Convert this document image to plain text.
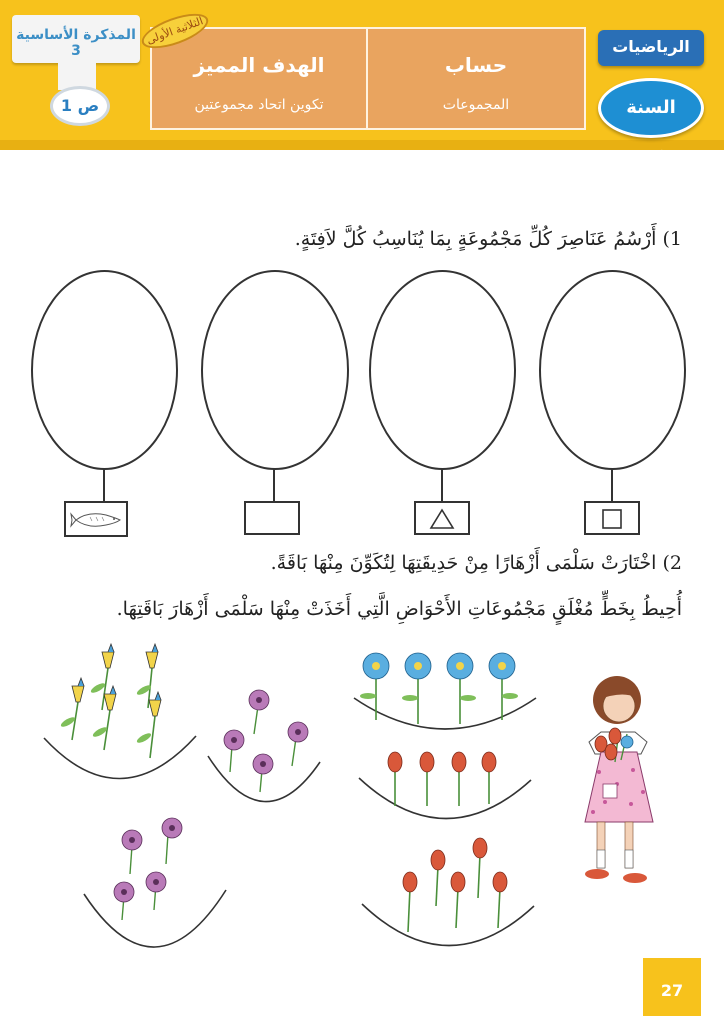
المذكرة الأساسية 3
ص 1
الهدف المميز
تكوين اتحاد مجموعتين
حساب
المجموعات
الثلاثية الأولى	الرياضيات
السنة الأولى
1) أَرْسُمُ عَنَاصِرَ كُلِّ مَجْمُوعَةٍ بِمَا يُنَاسِبُ كُلَّ لاَفِتَةٍ.
2) اخْتَارَتْ سَلْمَى أَزْهَارًا مِنْ حَدِيقَتِهَا لِتُكَوِّنَ مِنْهَا بَاقَةً.
أُحِيطُ بِخَطٍّ مُغْلَقٍ مَجْمُوعَاتِ الأَحْوَاضِ الَّتِي أَخَذَتْ مِنْهَا سَلْمَى أَزْهَارَ بَاقَتِهَا.
27
